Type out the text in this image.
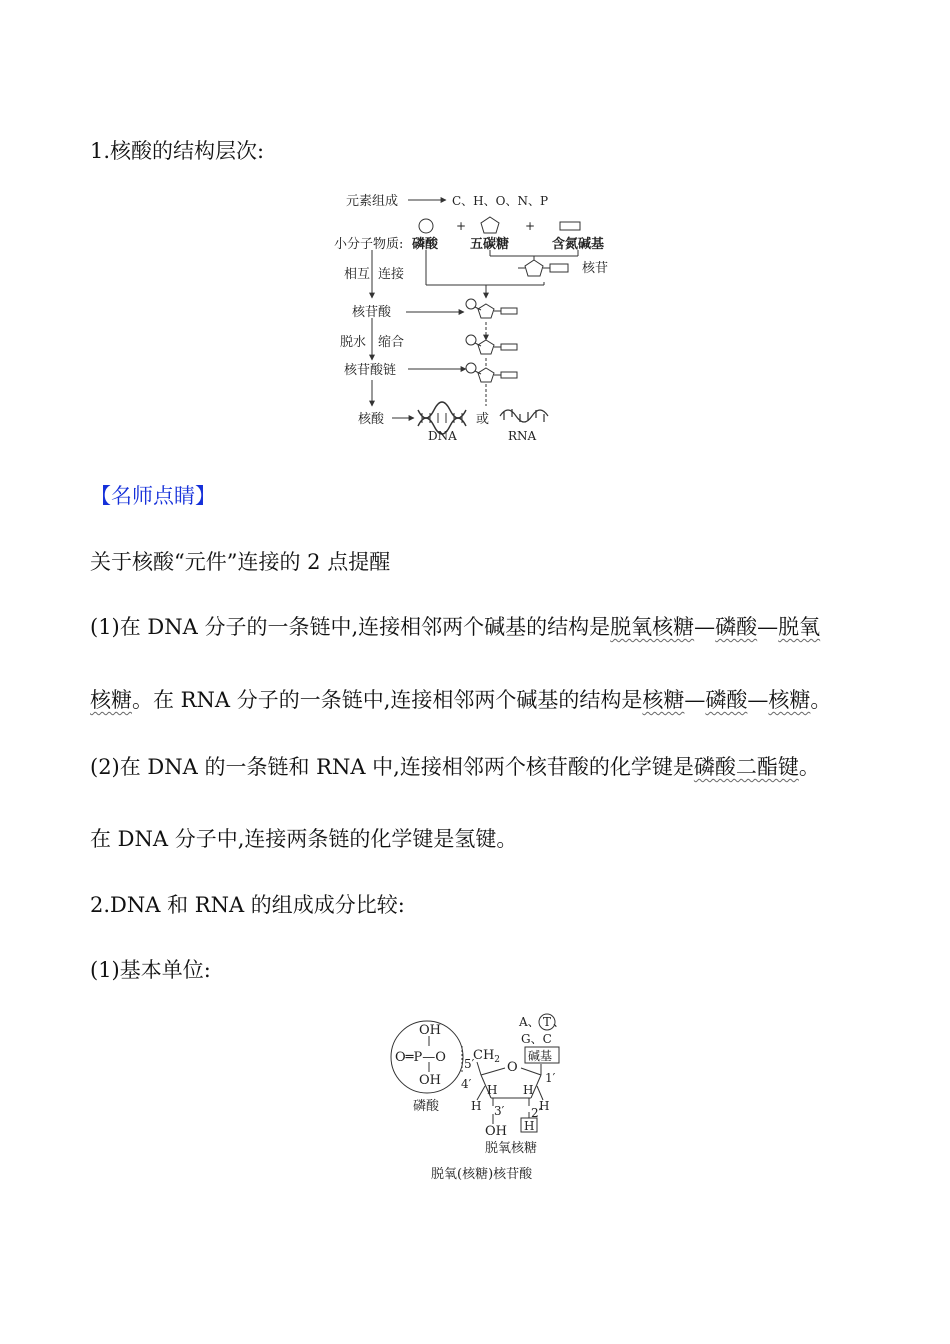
1.核酸的结构层次:
元素组成	C、H、O、N、P
+	+
小分子物质: 磷酸 五碳糖	含氮碱基
核苷
相互 连接
核苷酸
脱水 缩合
核苷酸链
核酸	或
DNA	RNA
【名师点睛】
关于核酸“元件”连接的 2 点提醒
(1)在 DNA 分子的一条链中,连接相邻两个碱基的结构是脱氧核糖—磷酸—脱氧
核糖。在 RNA 分子的一条链中,连接相邻两个碱基的结构是核糖—磷酸—核糖。
(2)在 DNA 的一条链和 RNA 中,连接相邻两个核苷酸的化学键是磷酸二酯键。
在 DNA 分子中,连接两条链的化学键是氢键。
2.DNA 和 RNA 的组成成分比较:
(1)基本单位:
OH
O═P—O
OH
磷酸
5′
$CH_2$
4′
O
1′
H
H H
H
3′ 2′
OH H
A、 T 、
G、C
碱基
脱氧核糖
脱氧(核糖)核苷酸
